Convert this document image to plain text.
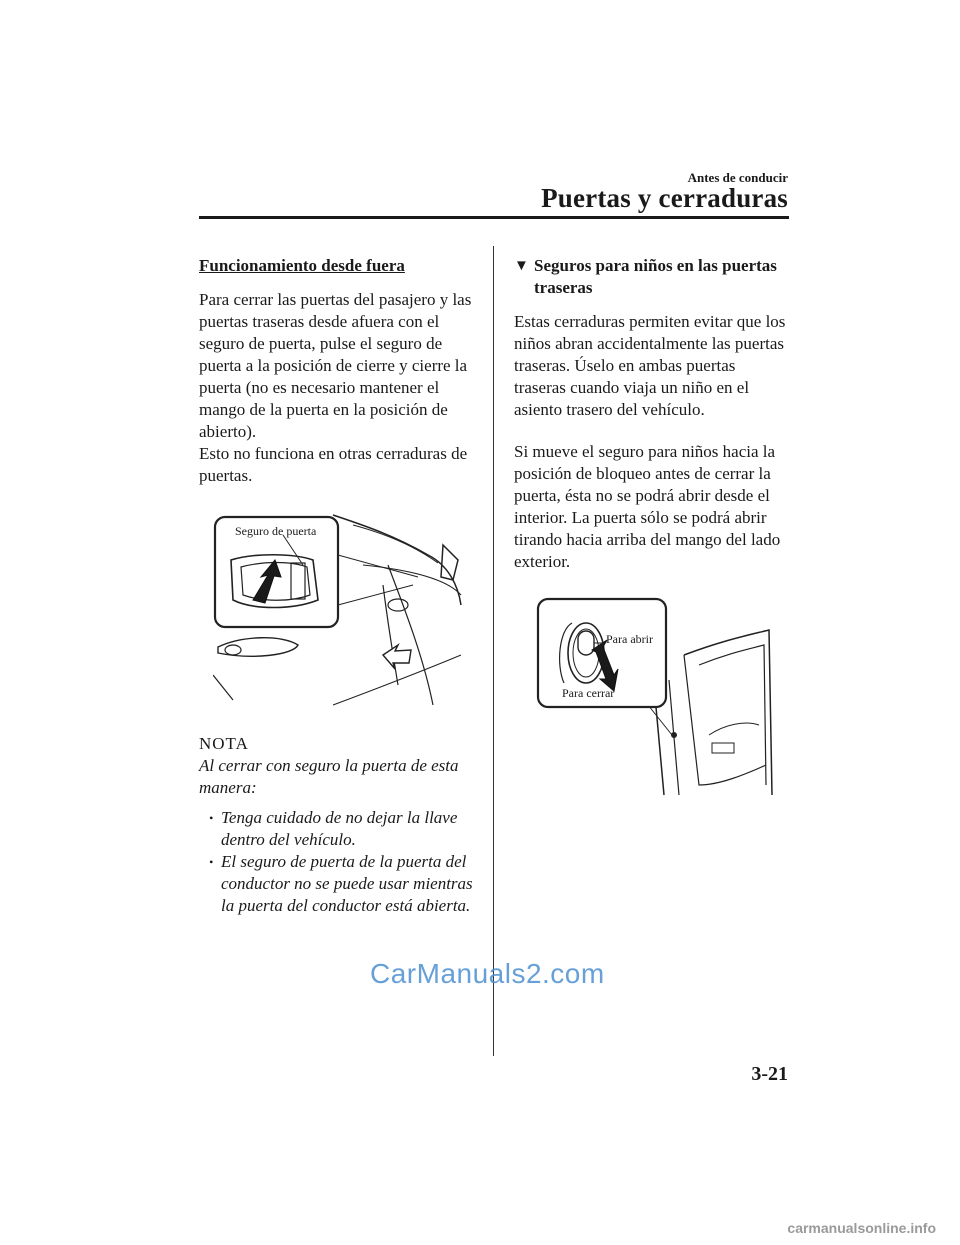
Antes de conducir
Puertas y cerraduras
Funcionamiento desde fuera

Para cerrar las puertas del pasajero y las puertas traseras desde afuera con el seguro de puerta, pulse el seguro de puerta a la posición de cierre y cierre la puerta (no es necesario mantener el mango de la puerta en la posición de abierto).

Esto no funciona en otras cerraduras de puertas.

Seguro de puerta
NOTA
Al cerrar con seguro la puerta de esta manera:
• Tenga cuidado de no dejar la llave dentro del vehículo.
• El seguro de puerta de la puerta del conductor no se puede usar mientras la puerta del conductor está abierta.
▼ Seguros para niños en las puertas traseras

Estas cerraduras permiten evitar que los niños abran accidentalmente las puertas traseras. Úselo en ambas puertas traseras cuando viaja un niño en el asiento trasero del vehículo.

Si mueve el seguro para niños hacia la posición de bloqueo antes de cerrar la puerta, ésta no se podrá abrir desde el interior. La puerta sólo se podrá abrir tirando hacia arriba del mango del lado exterior.

Para abrir
Para cerrar
CarManuals2.com
3-21
carmanualsonline.info
